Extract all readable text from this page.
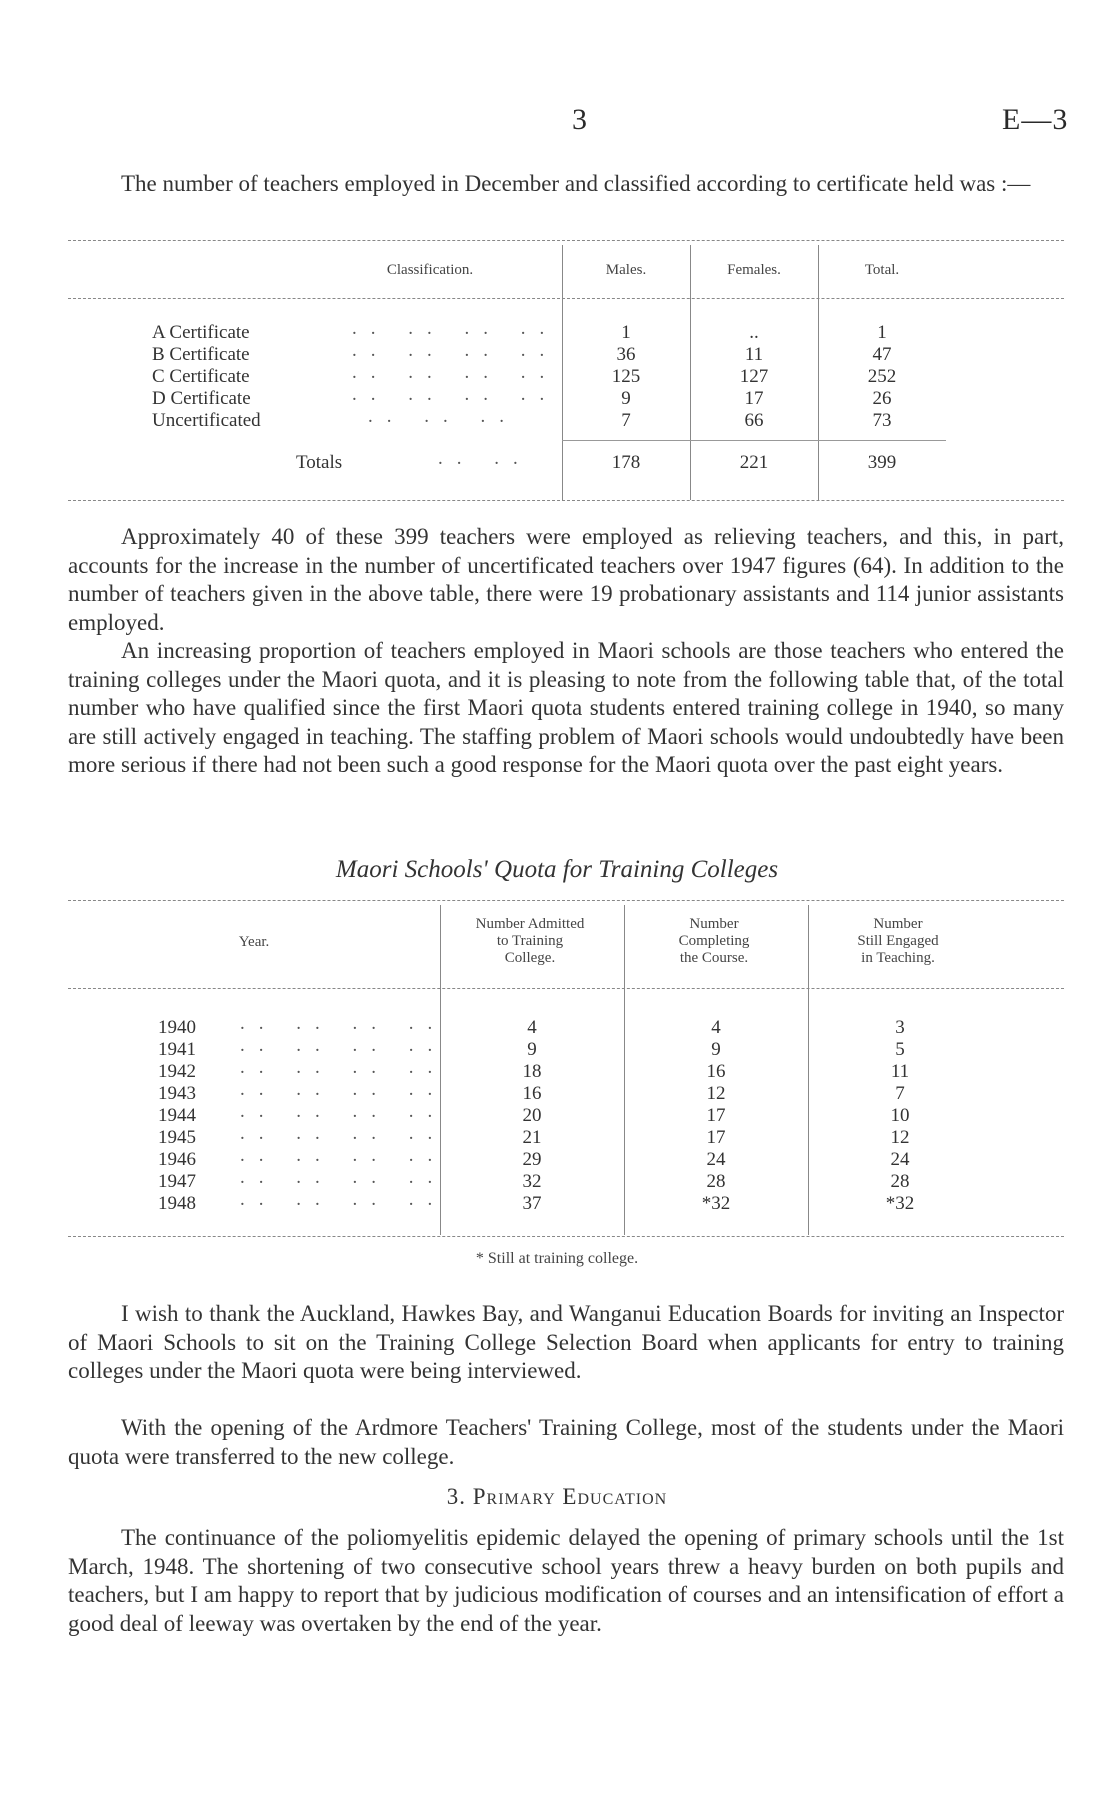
3	E—3

The number of teachers employed in December and classified according to certificate held was :—

Classification.	Males.	Females.	Total.
A Certificate	.. .. .. ..	1	..	1
B Certificate	.. .. .. ..	36	11	47
C Certificate	.. .. .. ..	125	127	252
D Certificate	.. .. .. ..	9	17	26
Uncertificated	.. .. ..	7	66	73
Totals	.. ..	178	221	399

Approximately 40 of these 399 teachers were employed as relieving teachers, and this, in part, accounts for the increase in the number of uncertificated teachers over 1947 figures (64). In addition to the number of teachers given in the above table, there were 19 probationary assistants and 114 junior assistants employed.

An increasing proportion of teachers employed in Maori schools are those teachers who entered the training colleges under the Maori quota, and it is pleasing to note from the following table that, of the total number who have qualified since the first Maori quota students entered training college in 1940, so many are still actively engaged in teaching. The staffing problem of Maori schools would undoubtedly have been more serious if there had not been such a good response for the Maori quota over the past eight years.

Maori Schools' Quota for Training Colleges
Year.
Number Admitted
to Training
College.
Number
Completing
the Course.
Number
Still Engaged
in Teaching.
1940 .. .. .. ..	4	4	3
1941 .. .. .. ..	9	9	5
1942 .. .. .. ..	18	16	11
1943 .. .. .. ..	16	12	7
1944 .. .. .. ..	20	17	10
1945 .. .. .. ..	21	17	12
1946 .. .. .. ..	29	24	24
1947 .. .. .. ..	32	28	28
1948 .. .. .. ..	37	*32	*32
* Still at training college.

I wish to thank the Auckland, Hawkes Bay, and Wanganui Education Boards for inviting an Inspector of Maori Schools to sit on the Training College Selection Board when applicants for entry to training colleges under the Maori quota were being interviewed.

With the opening of the Ardmore Teachers' Training College, most of the students under the Maori quota were transferred to the new college.

3. Primary Education

The continuance of the poliomyelitis epidemic delayed the opening of primary schools until the 1st March, 1948. The shortening of two consecutive school years threw a heavy burden on both pupils and teachers, but I am happy to report that by judicious modification of courses and an intensification of effort a good deal of leeway was overtaken by the end of the year.
